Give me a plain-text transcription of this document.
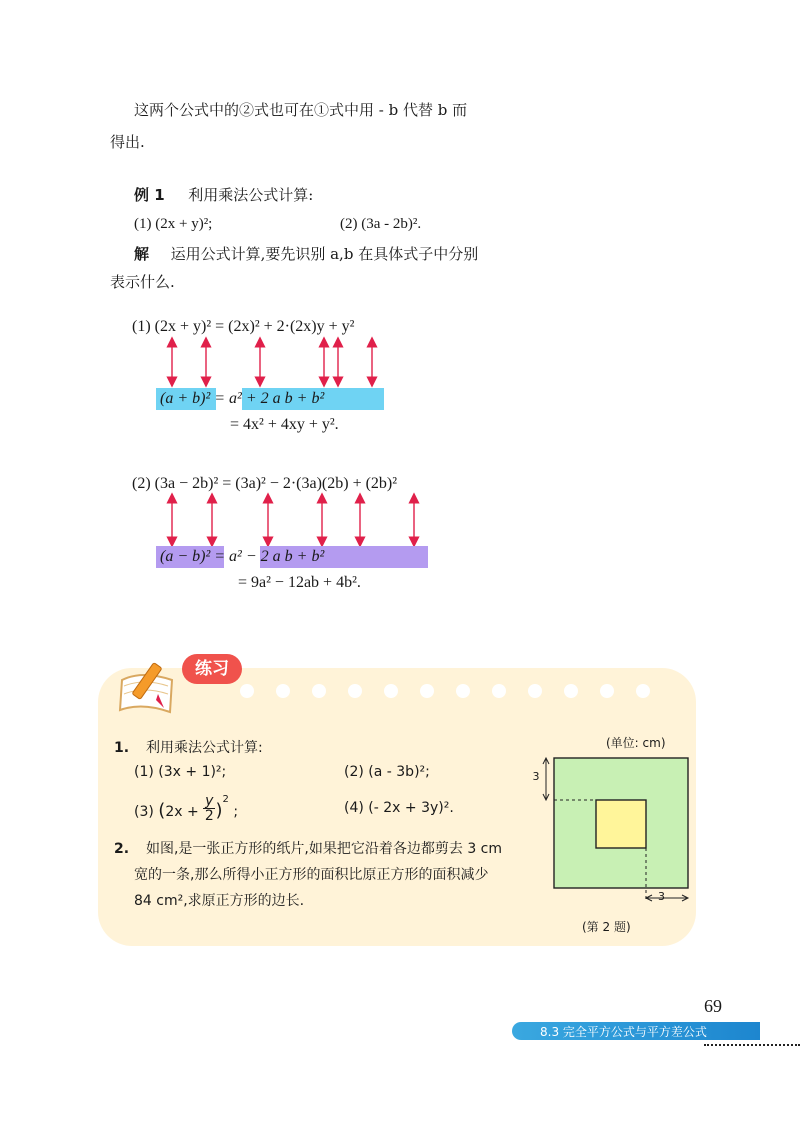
这两个公式中的②式也可在①式中用 - b 代替 b 而
得出.
例 1 利用乘法公式计算:
(1) (2x + y)²;	(2) (3a - 2b)².
解 运用公式计算,要先识别 a,b 在具体式子中分别
表示什么.
(1) (2x + y)² = (2x)² + 2·(2x)y + y²
(a + b)² = a² + 2 a b + b²
= 4x² + 4xy + y².
(2) (3a − 2b)² = (3a)² − 2·(3a)(2b) + (2b)²
(a − b)² = a² − 2 a b + b²
= 9a² − 12ab + 4b².
练习
1. 利用乘法公式计算:
(1) (3x + 1)²;	(2) (a - 3b)²;
(3) $(2x + \frac{y}{2} )^2$ ;	(4) (- 2x + 3y)².
2. 如图,是一张正方形的纸片,如果把它沿着各边都剪去 3 cm
宽的一条,那么所得小正方形的面积比原正方形的面积减少
84 cm²,求原正方形的边长.
(单位: cm)
3
3
(第 2 题)
69
8.3 完全平方公式与平方差公式
